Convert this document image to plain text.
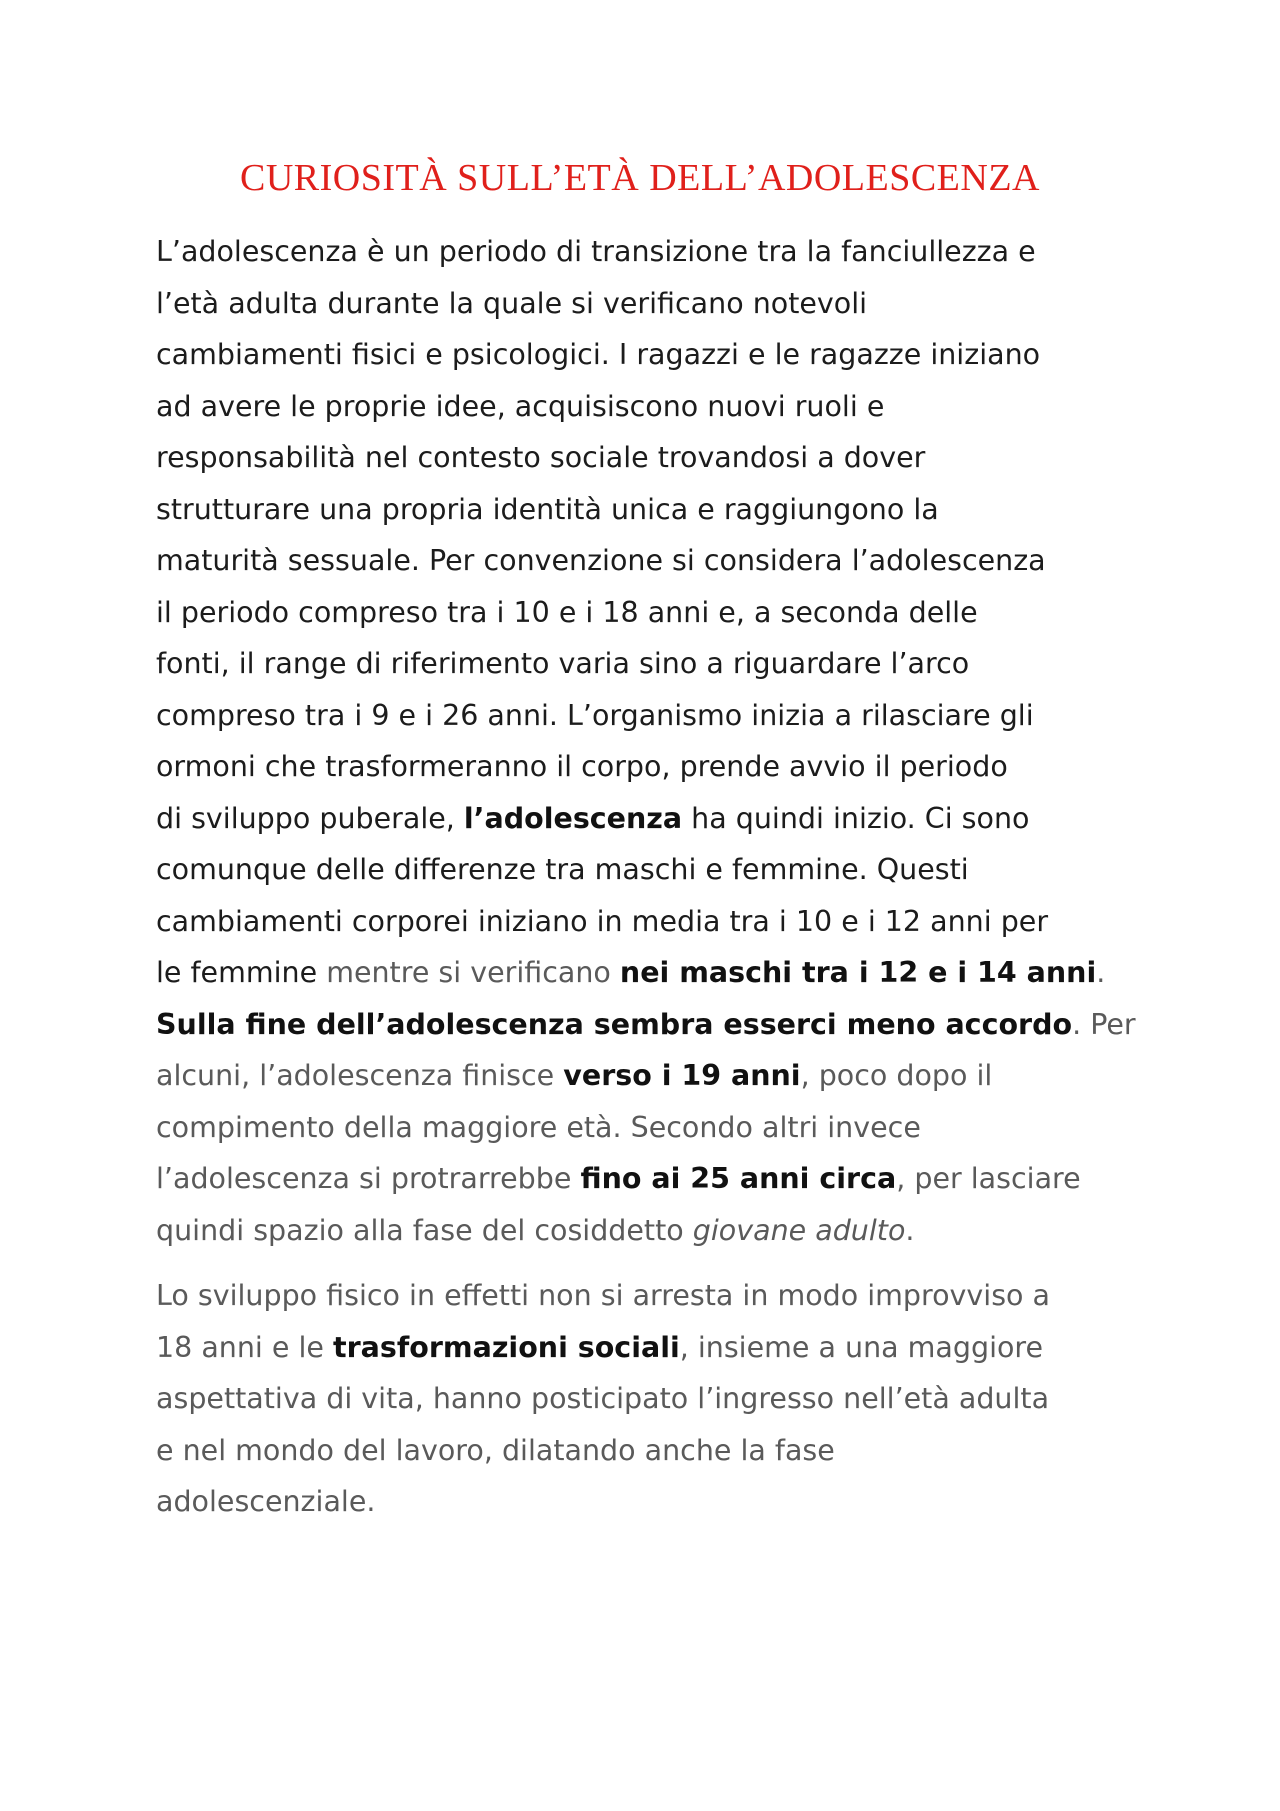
CURIOSITÀ SULL’ETÀ DELL’ADOLESCENZA

L’adolescenza è un periodo di transizione tra la fanciullezza e
l’età adulta durante la quale si verificano notevoli
cambiamenti fisici e psicologici. I ragazzi e le ragazze iniziano
ad avere le proprie idee, acquisiscono nuovi ruoli e
responsabilità nel contesto sociale trovandosi a dover
strutturare una propria identità unica e raggiungono la
maturità sessuale. Per convenzione si considera l’adolescenza
il periodo compreso tra i 10 e i 18 anni e, a seconda delle
fonti, il range di riferimento varia sino a riguardare l’arco
compreso tra i 9 e i 26 anni. L’organismo inizia a rilasciare gli
ormoni che trasformeranno il corpo, prende avvio il periodo
di sviluppo puberale, l’adolescenza ha quindi inizio. Ci sono
comunque delle differenze tra maschi e femmine. Questi
cambiamenti corporei iniziano in media tra i 10 e i 12 anni per
le femmine mentre si verificano nei maschi tra i 12 e i 14 anni.
Sulla fine dell’adolescenza sembra esserci meno accordo. Per
alcuni, l’adolescenza finisce verso i 19 anni, poco dopo il
compimento della maggiore età. Secondo altri invece
l’adolescenza si protrarrebbe fino ai 25 anni circa, per lasciare
quindi spazio alla fase del cosiddetto giovane adulto.

Lo sviluppo fisico in effetti non si arresta in modo improvviso a
18 anni e le trasformazioni sociali, insieme a una maggiore
aspettativa di vita, hanno posticipato l’ingresso nell’età adulta
e nel mondo del lavoro, dilatando anche la fase
adolescenziale.
